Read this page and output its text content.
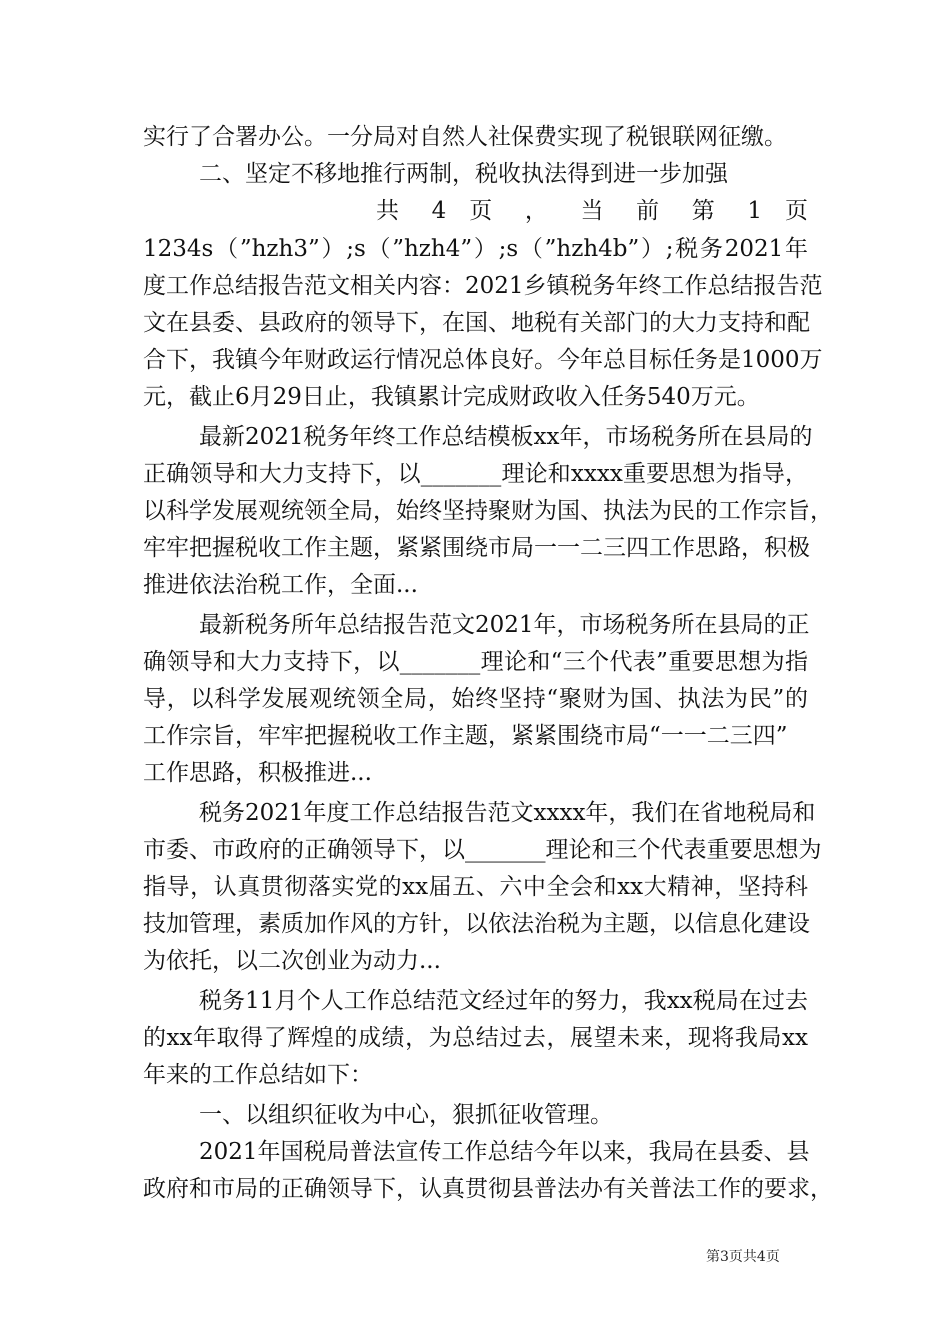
实行了合署办公。一分局对自然人社保费实现了税银联网征缴。
二、坚定不移地推行两制，税收执法得到进一步加强
共 4 页 ， 当 前 第 1 页
1234s（”hzh3”）;s（”hzh4”）;s（”hzh4b”）;税务2021年
度工作总结报告范文相关内容：2021乡镇税务年终工作总结报告范
文在县委、县政府的领导下，在国、地税有关部门的大力支持和配
合下，我镇今年财政运行情况总体良好。今年总目标任务是1000万
元，截止6月29日止，我镇累计完成财政收入任务540万元。
最新2021税务年终工作总结模板xx年，市场税务所在县局的
正确领导和大力支持下，以_______理论和xxxx重要思想为指导，
以科学发展观统领全局，始终坚持聚财为国、执法为民的工作宗旨，
牢牢把握税收工作主题，紧紧围绕市局一一二三四工作思路，积极
推进依法治税工作，全面...
最新税务所年总结报告范文2021年，市场税务所在县局的正
确领导和大力支持下，以_______理论和“三个代表”重要思想为指
导，以科学发展观统领全局，始终坚持“聚财为国、执法为民”的
工作宗旨，牢牢把握税收工作主题，紧紧围绕市局“一一二三四”
工作思路，积极推进...
税务2021年度工作总结报告范文xxxx年，我们在省地税局和
市委、市政府的正确领导下，以_______理论和三个代表重要思想为
指导，认真贯彻落实党的xx届五、六中全会和xx大精神，坚持科
技加管理，素质加作风的方针，以依法治税为主题，以信息化建设
为依托，以二次创业为动力...
税务11月个人工作总结范文经过年的努力，我xx税局在过去
的xx年取得了辉煌的成绩，为总结过去，展望未来，现将我局xx
年来的工作总结如下：
一、以组织征收为中心，狠抓征收管理。
2021年国税局普法宣传工作总结今年以来，我局在县委、县
政府和市局的正确领导下，认真贯彻县普法办有关普法工作的要求，
第3页共4页
